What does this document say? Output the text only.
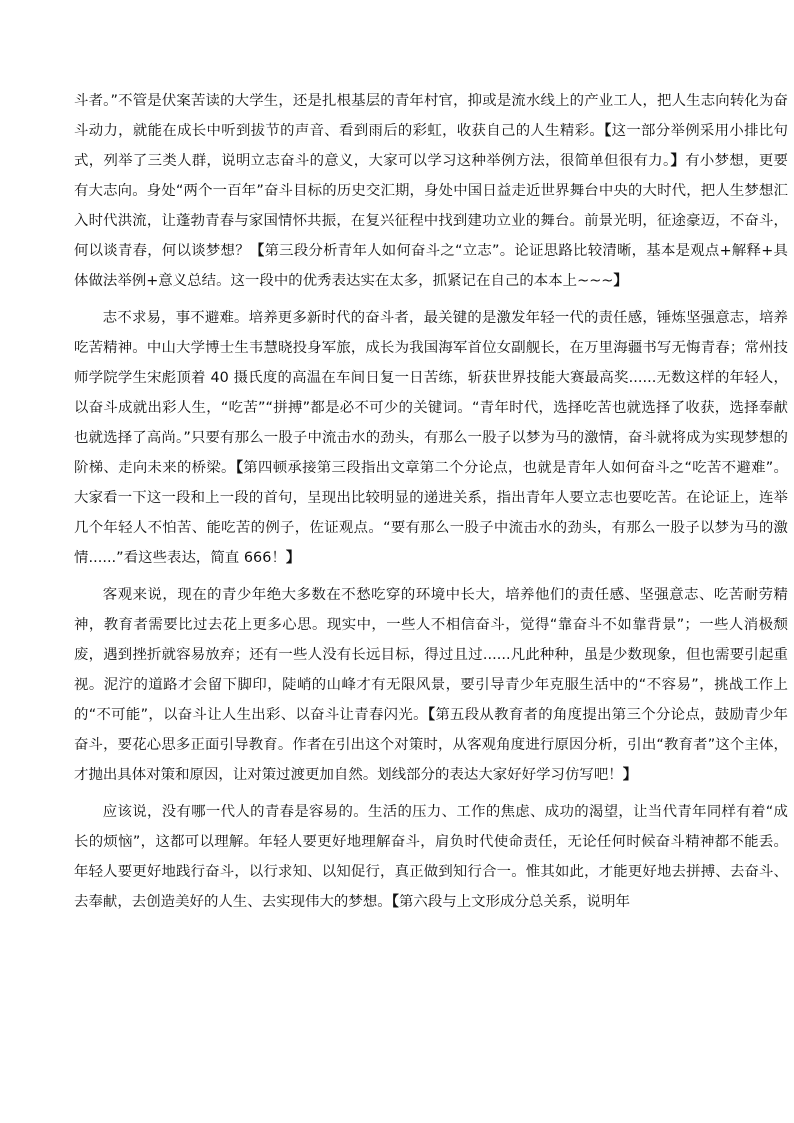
斗者。”不管是伏案苦读的大学生，还是扎根基层的青年村官，抑或是流水线上的产业工人，把人生志向转化为奋斗动力，就能在成长中听到拔节的声音、看到雨后的彩虹，收获自己的人生精彩。【这一部分举例采用小排比句式，列举了三类人群，说明立志奋斗的意义，大家可以学习这种举例方法，很简单但很有力。】有小梦想，更要有大志向。身处“两个一百年”奋斗目标的历史交汇期，身处中国日益走近世界舞台中央的大时代，把人生梦想汇入时代洪流，让蓬勃青春与家国情怀共振，在复兴征程中找到建功立业的舞台。前景光明，征途豪迈，不奋斗，何以谈青春，何以谈梦想？【第三段分析青年人如何奋斗之“立志”。论证思路比较清晰，基本是观点+解释+具体做法举例+意义总结。这一段中的优秀表达实在太多，抓紧记在自己的本本上~~~】

志不求易，事不避难。培养更多新时代的奋斗者，最关键的是激发年轻一代的责任感，锤炼坚强意志，培养吃苦精神。中山大学博士生韦慧晓投身军旅，成长为我国海军首位女副舰长，在万里海疆书写无悔青春；常州技师学院学生宋彪顶着 40 摄氏度的高温在车间日复一日苦练，斩获世界技能大赛最高奖......无数这样的年轻人，以奋斗成就出彩人生，“吃苦”“拼搏”都是必不可少的关键词。“青年时代，选择吃苦也就选择了收获，选择奉献也就选择了高尚。”只要有那么一股子中流击水的劲头，有那么一股子以梦为马的激情，奋斗就将成为实现梦想的阶梯、走向未来的桥梁。【第四顿承接第三段指出文章第二个分论点，也就是青年人如何奋斗之“吃苦不避难”。大家看一下这一段和上一段的首句，呈现出比较明显的递进关系，指出青年人要立志也要吃苦。在论证上，连举几个年轻人不怕苦、能吃苦的例子，佐证观点。“要有那么一股子中流击水的劲头，有那么一股子以梦为马的激情......”看这些表达，简直 666！】

客观来说，现在的青少年绝大多数在不愁吃穿的环境中长大，培养他们的责任感、坚强意志、吃苦耐劳精神，教育者需要比过去花上更多心思。现实中，一些人不相信奋斗，觉得“靠奋斗不如靠背景”；一些人消极颓废，遇到挫折就容易放弃；还有一些人没有长远目标，得过且过......凡此种种，虽是少数现象，但也需要引起重视。泥泞的道路才会留下脚印，陡峭的山峰才有无限风景，要引导青少年克服生活中的“不容易”，挑战工作上的“不可能”，以奋斗让人生出彩、以奋斗让青春闪光。【第五段从教育者的角度提出第三个分论点，鼓励青少年奋斗，要花心思多正面引导教育。作者在引出这个对策时，从客观角度进行原因分析，引出“教育者”这个主体，才抛出具体对策和原因，让对策过渡更加自然。划线部分的表达大家好好学习仿写吧！】

应该说，没有哪一代人的青春是容易的。生活的压力、工作的焦虑、成功的渴望，让当代青年同样有着“成长的烦恼”，这都可以理解。年轻人要更好地理解奋斗，肩负时代使命责任，无论任何时候奋斗精神都不能丢。年轻人要更好地践行奋斗，以行求知、以知促行，真正做到知行合一。惟其如此，才能更好地去拼搏、去奋斗、去奉献，去创造美好的人生、去实现伟大的梦想。【第六段与上文形成分总关系，说明年
